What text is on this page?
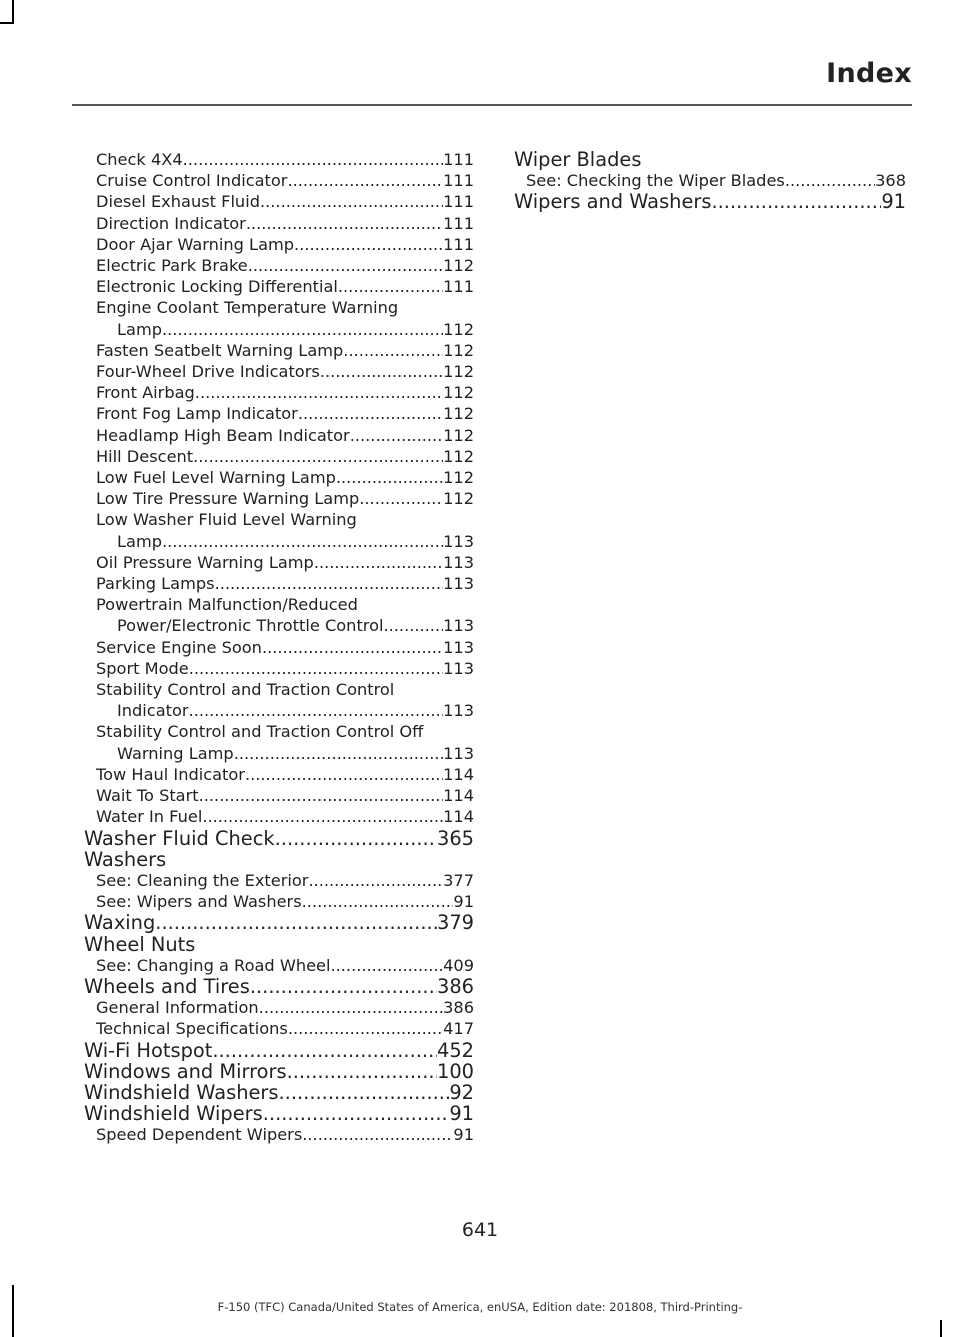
Index
Check 4X4 .....	111
Cruise Control Indicator .....	111
Diesel Exhaust Fluid .....	111
Direction Indicator .....	111
Door Ajar Warning Lamp .....	111
Electric Park Brake .....	112
Electronic Locking Differential .....	111
Engine Coolant Temperature Warning
Lamp .....	112
Fasten Seatbelt Warning Lamp .....	112
Four-Wheel Drive Indicators .....	112
Front Airbag .....	112
Front Fog Lamp Indicator .....	112
Headlamp High Beam Indicator .....	112
Hill Descent .....	112
Low Fuel Level Warning Lamp .....	112
Low Tire Pressure Warning Lamp .....	112
Low Washer Fluid Level Warning
Lamp .....	113
Oil Pressure Warning Lamp .....	113
Parking Lamps .....	113
Powertrain Malfunction/Reduced
Power/Electronic Throttle Control .....	113
Service Engine Soon .....	113
Sport Mode .....	113
Stability Control and Traction Control
Indicator .....	113
Stability Control and Traction Control Off
Warning Lamp .....	113
Tow Haul Indicator .....	114
Wait To Start .....	114
Water In Fuel .....	114
Washer Fluid Check .....	365
Washers
See: Cleaning the Exterior .....	377
See: Wipers and Washers .....	91
Waxing .....	379
Wheel Nuts
See: Changing a Road Wheel .....	409
Wheels and Tires .....	386
General Information .....	386
Technical Specifications .....	417
Wi-Fi Hotspot .....	452
Windows and Mirrors .....	100
Windshield Washers .....	92
Windshield Wipers .....	91
Speed Dependent Wipers .....	91
Wiper Blades
See: Checking the Wiper Blades .....	368
Wipers and Washers .....	91
641
F-150 (TFC) Canada/United States of America, enUSA, Edition date: 201808, Third-Printing-
